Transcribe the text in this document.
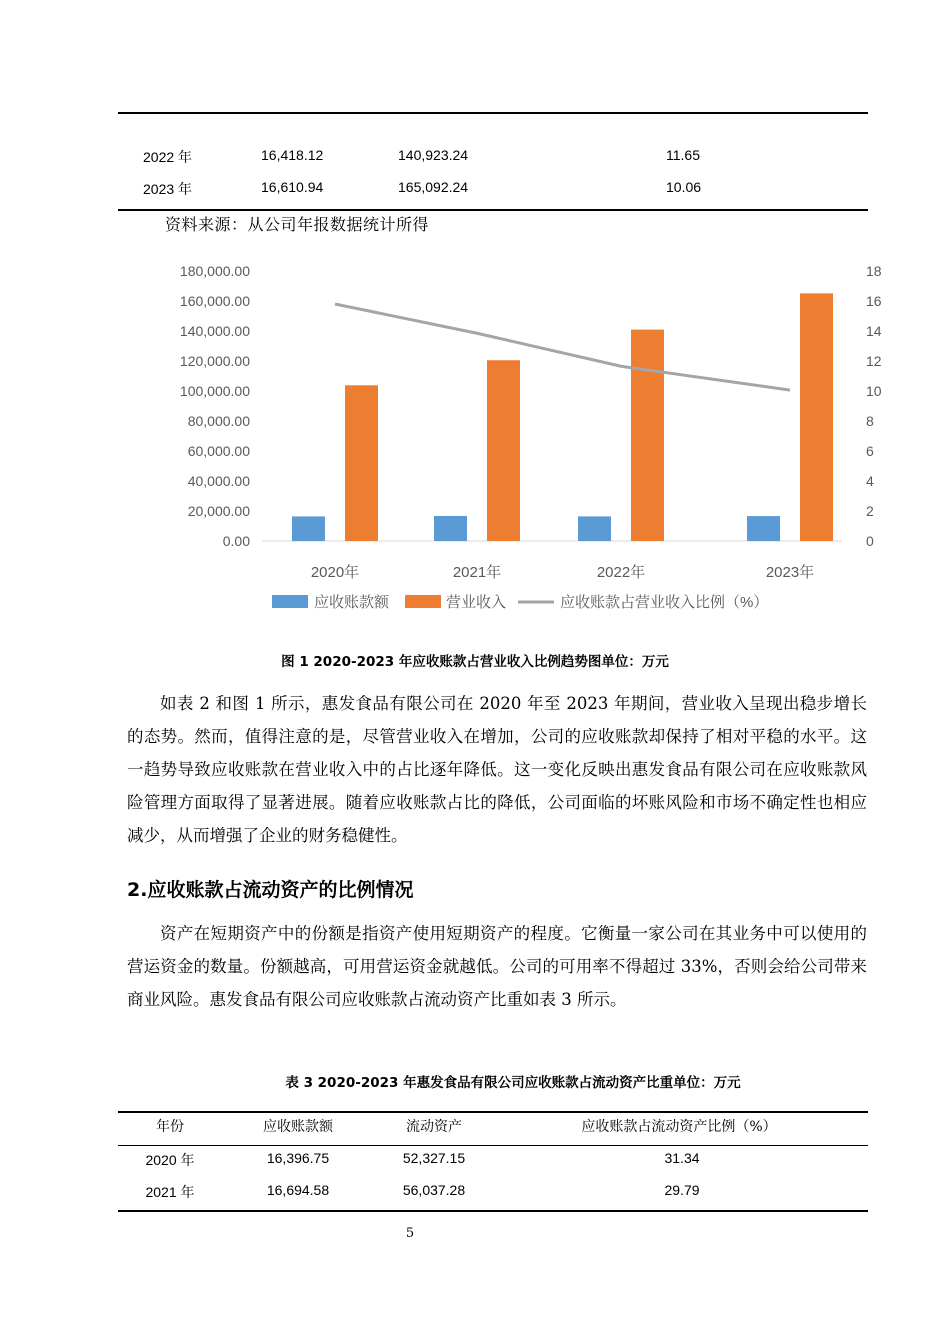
2022 年	16,418.12	140,923.24	11.65
2023 年	16,610.94	165,092.24	10.06
资料来源：从公司年报数据统计所得
0.00
20,000.00
40,000.00
60,000.00
80,000.00
100,000.00
120,000.00
140,000.00
160,000.00
180,000.00
0
2
4
6
8
10
12
14
16
18
2020年	2021年	2022年	2023年
应收账款额	营业收入	应收账款占营业收入比例（%）
图 1 2020-2023 年应收账款占营业收入比例趋势图单位：万元

如表 2 和图 1 所示，惠发食品有限公司在 2020 年至 2023 年期间，营业收入呈现出稳步增长的态势。然而，值得注意的是，尽管营业收入在增加，公司的应收账款却保持了相对平稳的水平。这一趋势导致应收账款在营业收入中的占比逐年降低。这一变化反映出惠发食品有限公司在应收账款风险管理方面取得了显著进展。随着应收账款占比的降低，公司面临的坏账风险和市场不确定性也相应减少，从而增强了企业的财务稳健性。

2.应收账款占流动资产的比例情况

资产在短期资产中的份额是指资产使用短期资产的程度。它衡量一家公司在其业务中可以使用的营运资金的数量。份额越高，可用营运资金就越低。公司的可用率不得超过 33%，否则会给公司带来商业风险。惠发食品有限公司应收账款占流动资产比重如表 3 所示。

表 3 2020-2023 年惠发食品有限公司应收账款占流动资产比重单位：万元
年份	应收账款额	流动资产	应收账款占流动资产比例（%）
2020 年	16,396.75	52,327.15	31.34
2021 年	16,694.58	56,037.28	29.79
5
